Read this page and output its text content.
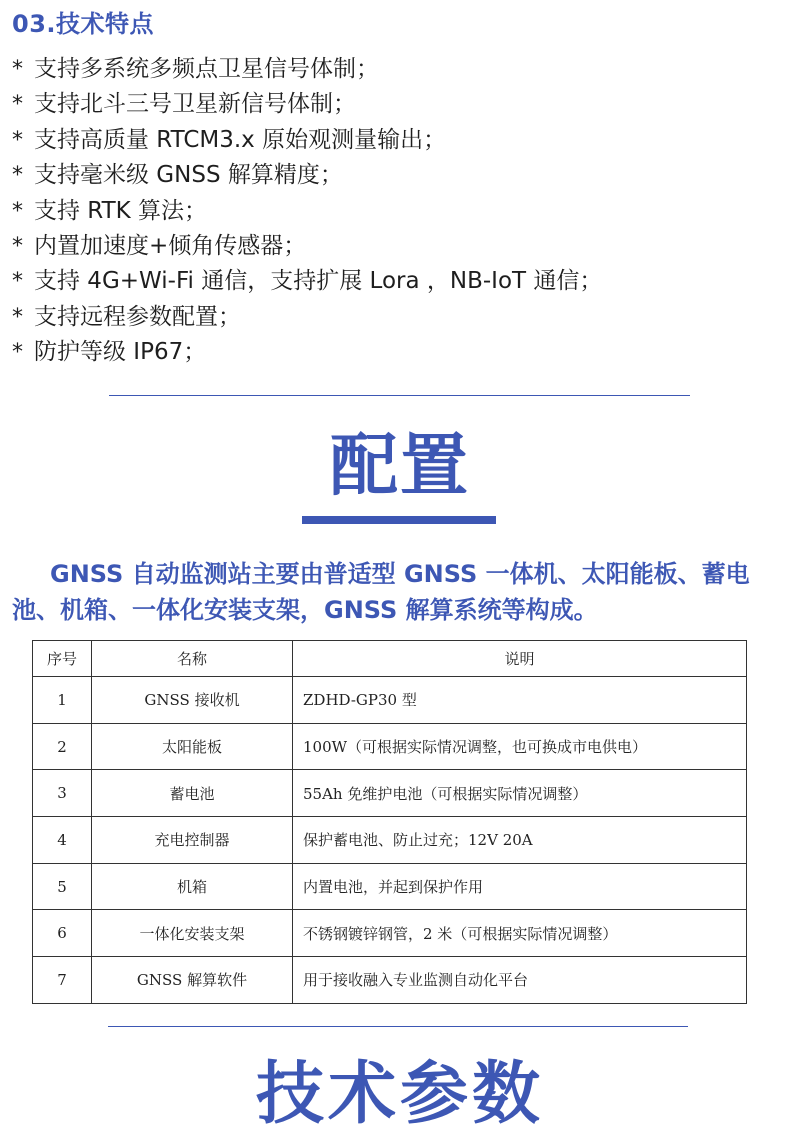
03.技术特点
* 支持多系统多频点卫星信号体制；
* 支持北斗三号卫星新信号体制；
* 支持高质量 RTCM3.x 原始观测量输出；
* 支持毫米级 GNSS 解算精度；
* 支持 RTK 算法；
* 内置加速度+倾角传感器；
* 支持 4G+Wi-Fi 通信，支持扩展 Lora ，NB-IoT 通信；
* 支持远程参数配置；
* 防护等级 IP67；
配置

GNSS 自动监测站主要由普适型 GNSS 一体机、太阳能板、蓄电池、机箱、一体化安装支架，GNSS 解算系统等构成。

序号	名称	说明
1	GNSS 接收机	ZDHD-GP30 型
2	太阳能板	100W（可根据实际情况调整，也可换成市电供电）
3	蓄电池	55Ah 免维护电池（可根据实际情况调整）
4	充电控制器	保护蓄电池、防止过充；12V 20A
5	机箱	内置电池，并起到保护作用
6	一体化安装支架	不锈钢镀锌钢管，2 米（可根据实际情况调整）
7	GNSS 解算软件	用于接收融入专业监测自动化平台
技术参数
